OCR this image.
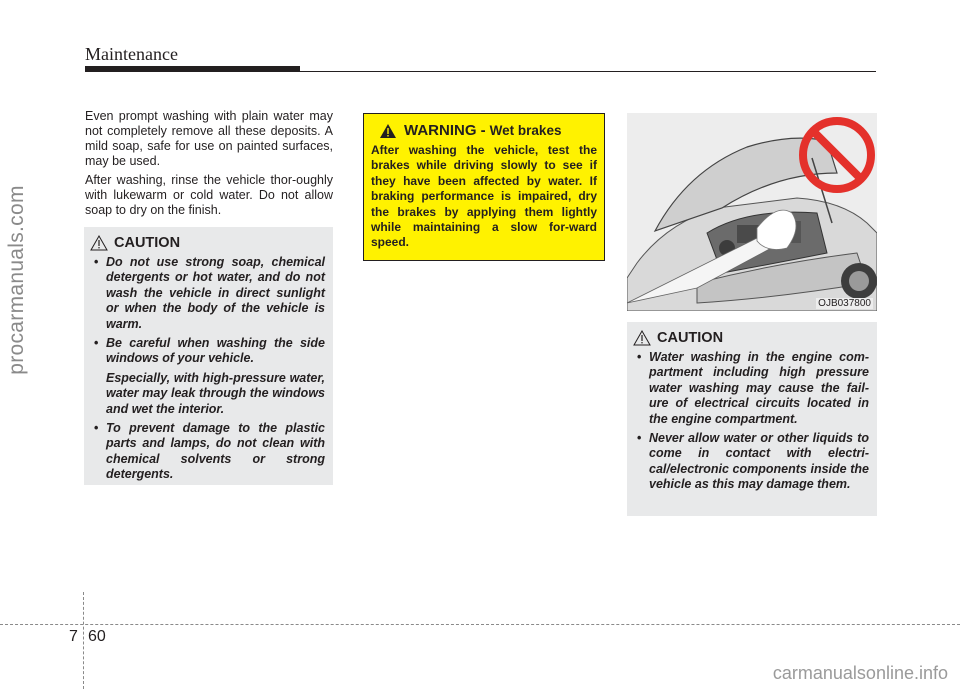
Maintenance
procarmanuals.com

Even prompt washing with plain water may not completely remove all these deposits. A mild soap, safe for use on painted surfaces, may be used.

After washing, rinse the vehicle thor-oughly with lukewarm or cold water. Do not allow soap to dry on the finish.

CAUTION
• Do not use strong soap, chemical detergents or hot water, and do not wash the vehicle in direct sunlight or when the body of the vehicle is warm.
• Be careful when washing the side windows of your vehicle.
Especially, with high-pressure water, water may leak through the windows and wet the interior.
• To prevent damage to the plastic parts and lamps, do not clean with chemical solvents or strong detergents.
WARNING - Wet brakes
After washing the vehicle, test the brakes while driving slowly to see if they have been affected by water. If braking performance is impaired, dry the brakes by applying them lightly while maintaining a slow for-ward speed.
OJB037800
CAUTION
• Water washing in the engine com-partment including high pressure water washing may cause the fail-ure of electrical circuits located in the engine compartment.
• Never allow water or other liquids to come in contact with electri-cal/electronic components inside the vehicle as this may damage them.
7 60
carmanualsonline.info
